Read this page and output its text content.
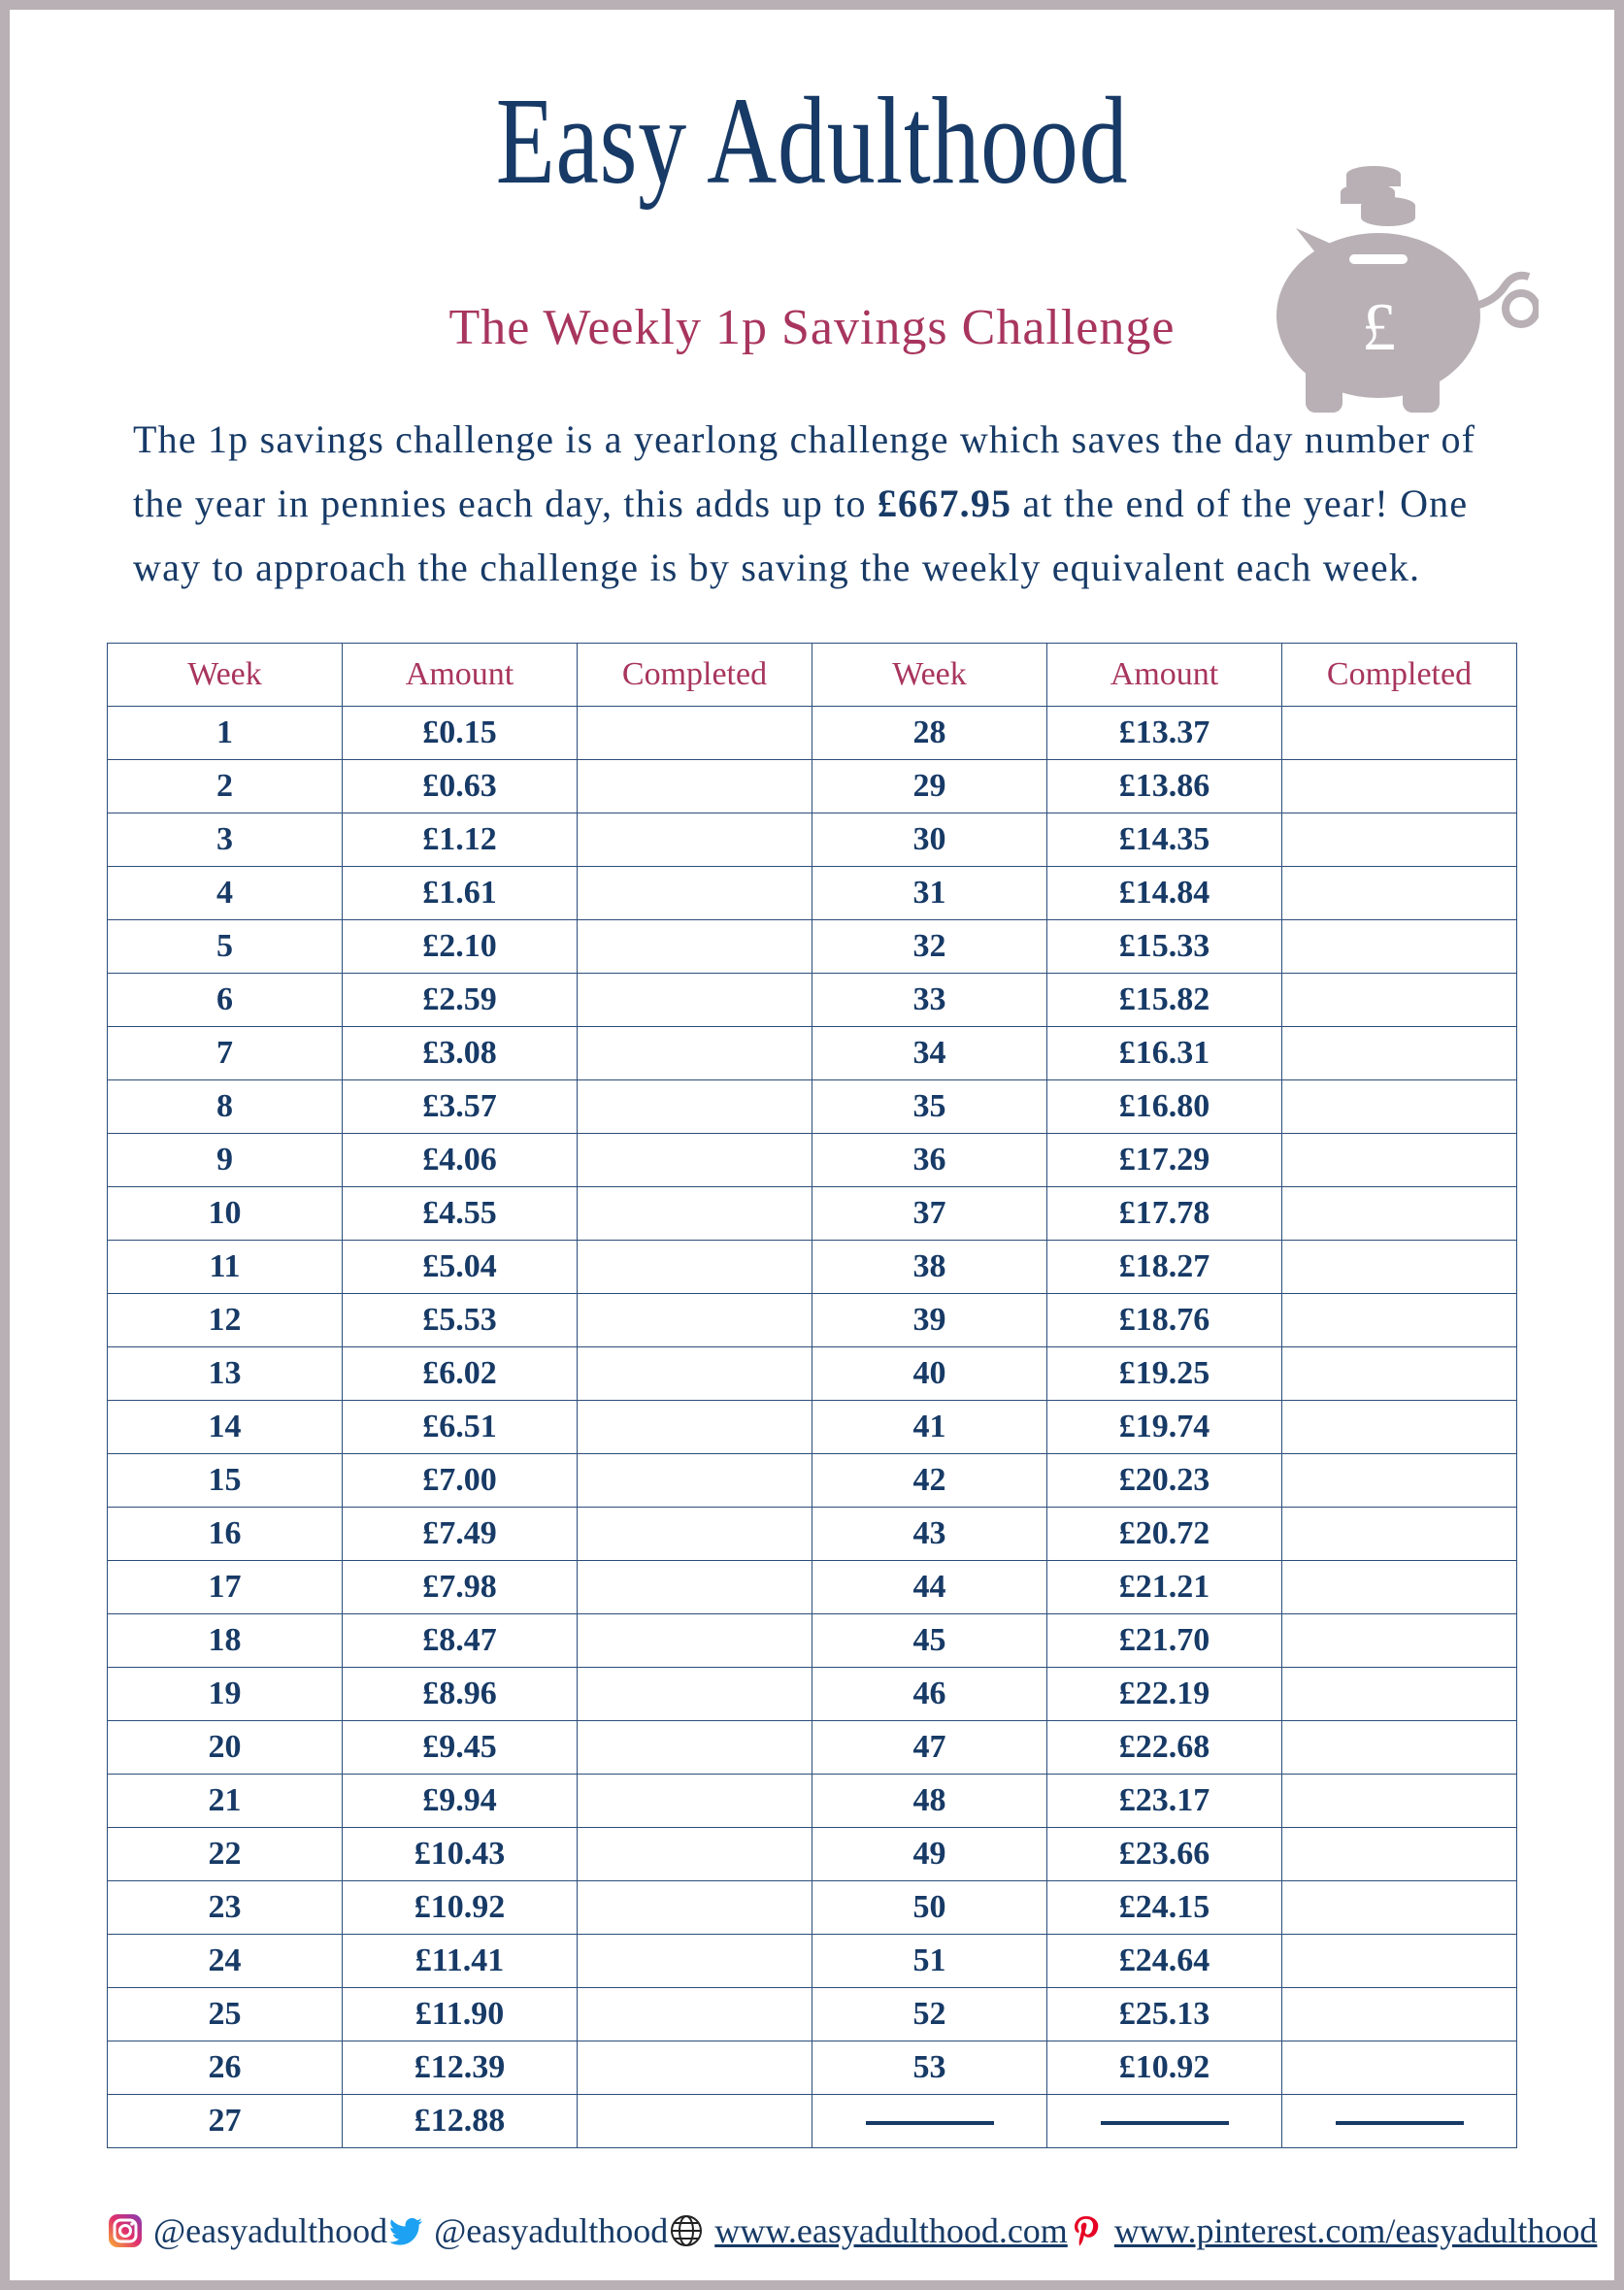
Easy Adulthood
£
The Weekly 1p Savings Challenge
The 1p savings challenge is a yearlong challenge which saves the day number of the year in pennies each day, this adds up to £667.95 at the end of the year! One way to approach the challenge is by saving the weekly equivalent each week.
Week	Amount	Completed	Week	Amount	Completed
1	£0.15		28	£13.37	
2	£0.63		29	£13.86	
3	£1.12		30	£14.35	
4	£1.61		31	£14.84	
5	£2.10		32	£15.33	
6	£2.59		33	£15.82	
7	£3.08		34	£16.31	
8	£3.57		35	£16.80	
9	£4.06		36	£17.29	
10	£4.55		37	£17.78	
11	£5.04		38	£18.27	
12	£5.53		39	£18.76	
13	£6.02		40	£19.25	
14	£6.51		41	£19.74	
15	£7.00		42	£20.23	
16	£7.49		43	£20.72	
17	£7.98		44	£21.21	
18	£8.47		45	£21.70	
19	£8.96		46	£22.19	
20	£9.45		47	£22.68	
21	£9.94		48	£23.17	
22	£10.43		49	£23.66	
23	£10.92		50	£24.15	
24	£11.41		51	£24.64	
25	£11.90		52	£25.13	
26	£12.39		53	£10.92	
27	£12.88				
@easyadulthood @easyadulthood www.easyadulthood.com www.pinterest.com/easyadulthood
